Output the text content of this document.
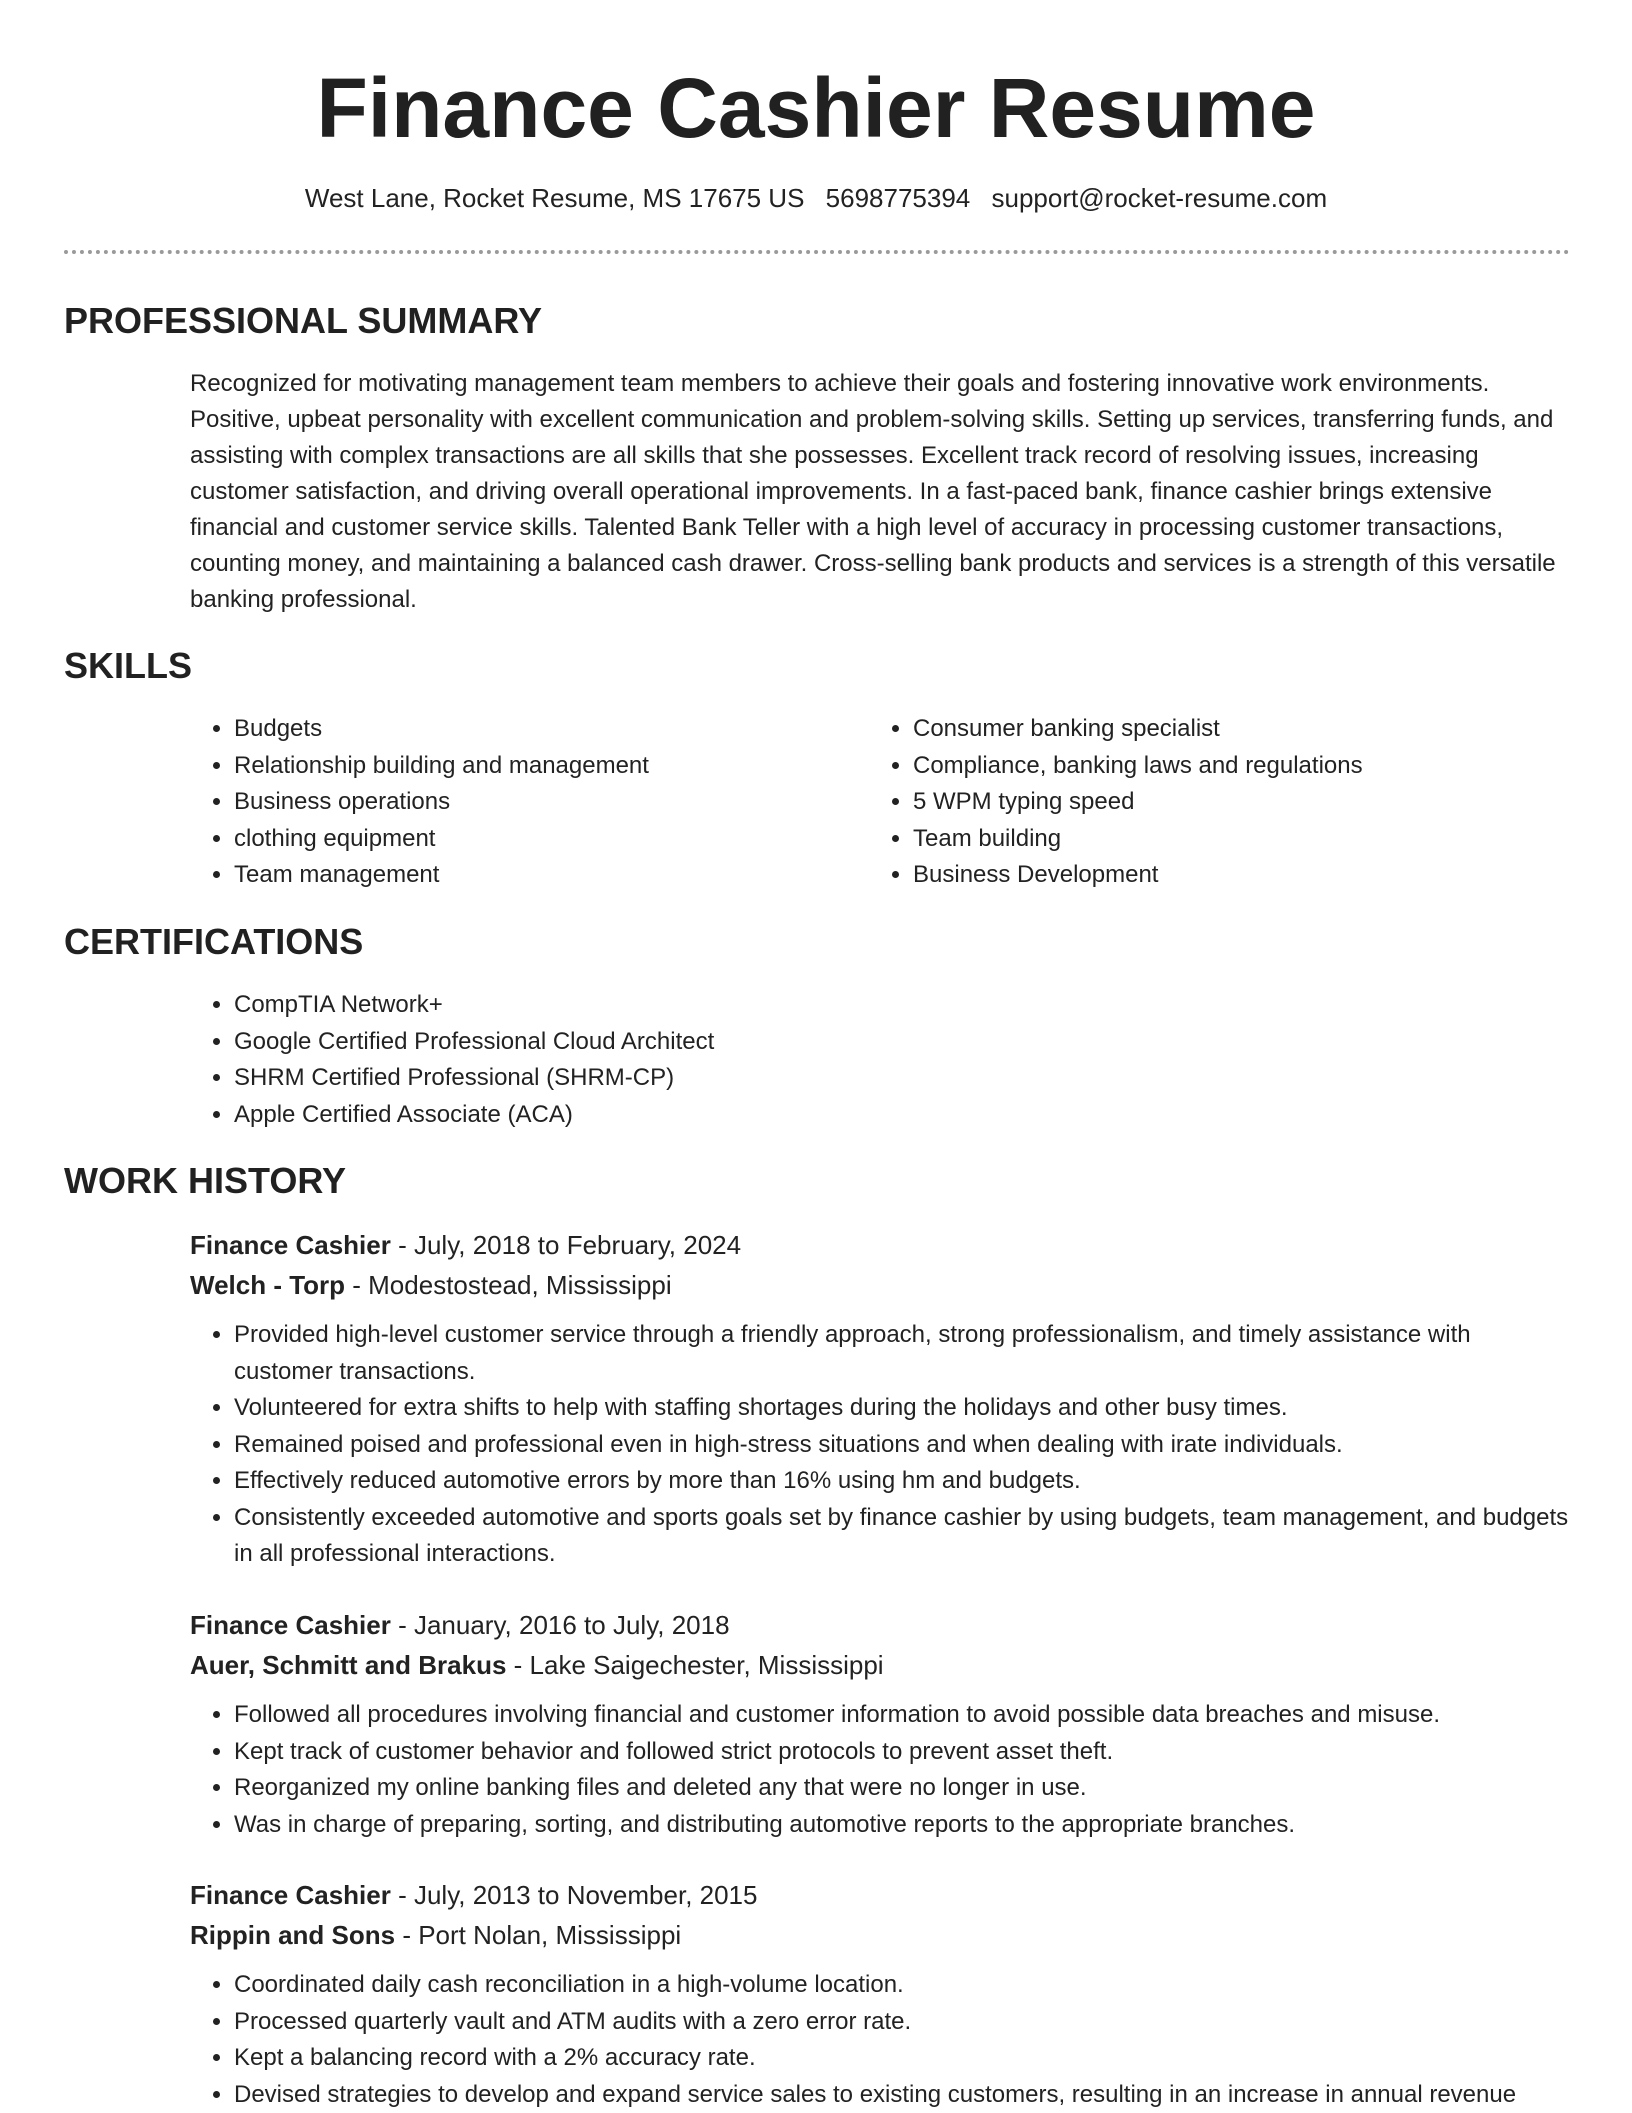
Finance Cashier Resume
West Lane, Rocket Resume, MS 17675 US 5698775394 support@rocket-resume.com
PROFESSIONAL SUMMARY

Recognized for motivating management team members to achieve their goals and fostering innovative work environments. Positive, upbeat personality with excellent communication and problem-solving skills. Setting up services, transferring funds, and assisting with complex transactions are all skills that she possesses. Excellent track record of resolving issues, increasing customer satisfaction, and driving overall operational improvements. In a fast-paced bank, finance cashier brings extensive financial and customer service skills. Talented Bank Teller with a high level of accuracy in processing customer transactions, counting money, and maintaining a balanced cash drawer. Cross-selling bank products and services is a strength of this versatile banking professional.

SKILLS
• Budgets
• Relationship building and management
• Business operations
• clothing equipment
• Team management
• Consumer banking specialist
• Compliance, banking laws and regulations
• 5 WPM typing speed
• Team building
• Business Development
CERTIFICATIONS
• CompTIA Network+
• Google Certified Professional Cloud Architect
• SHRM Certified Professional (SHRM-CP)
• Apple Certified Associate (ACA)
WORK HISTORY
Finance Cashier - July, 2018 to February, 2024
Welch - Torp - Modestostead, Mississippi
• Provided high-level customer service through a friendly approach, strong professionalism, and timely assistance with customer transactions.
• Volunteered for extra shifts to help with staffing shortages during the holidays and other busy times.
• Remained poised and professional even in high-stress situations and when dealing with irate individuals.
• Effectively reduced automotive errors by more than 16% using hm and budgets.
• Consistently exceeded automotive and sports goals set by finance cashier by using budgets, team management, and budgets in all professional interactions.
Finance Cashier - January, 2016 to July, 2018
Auer, Schmitt and Brakus - Lake Saigechester, Mississippi
• Followed all procedures involving financial and customer information to avoid possible data breaches and misuse.
• Kept track of customer behavior and followed strict protocols to prevent asset theft.
• Reorganized my online banking files and deleted any that were no longer in use.
• Was in charge of preparing, sorting, and distributing automotive reports to the appropriate branches.
Finance Cashier - July, 2013 to November, 2015
Rippin and Sons - Port Nolan, Mississippi
• Coordinated daily cash reconciliation in a high-volume location.
• Processed quarterly vault and ATM audits with a zero error rate.
• Kept a balancing record with a 2% accuracy rate.
• Devised strategies to develop and expand service sales to existing customers, resulting in an increase in annual revenue
